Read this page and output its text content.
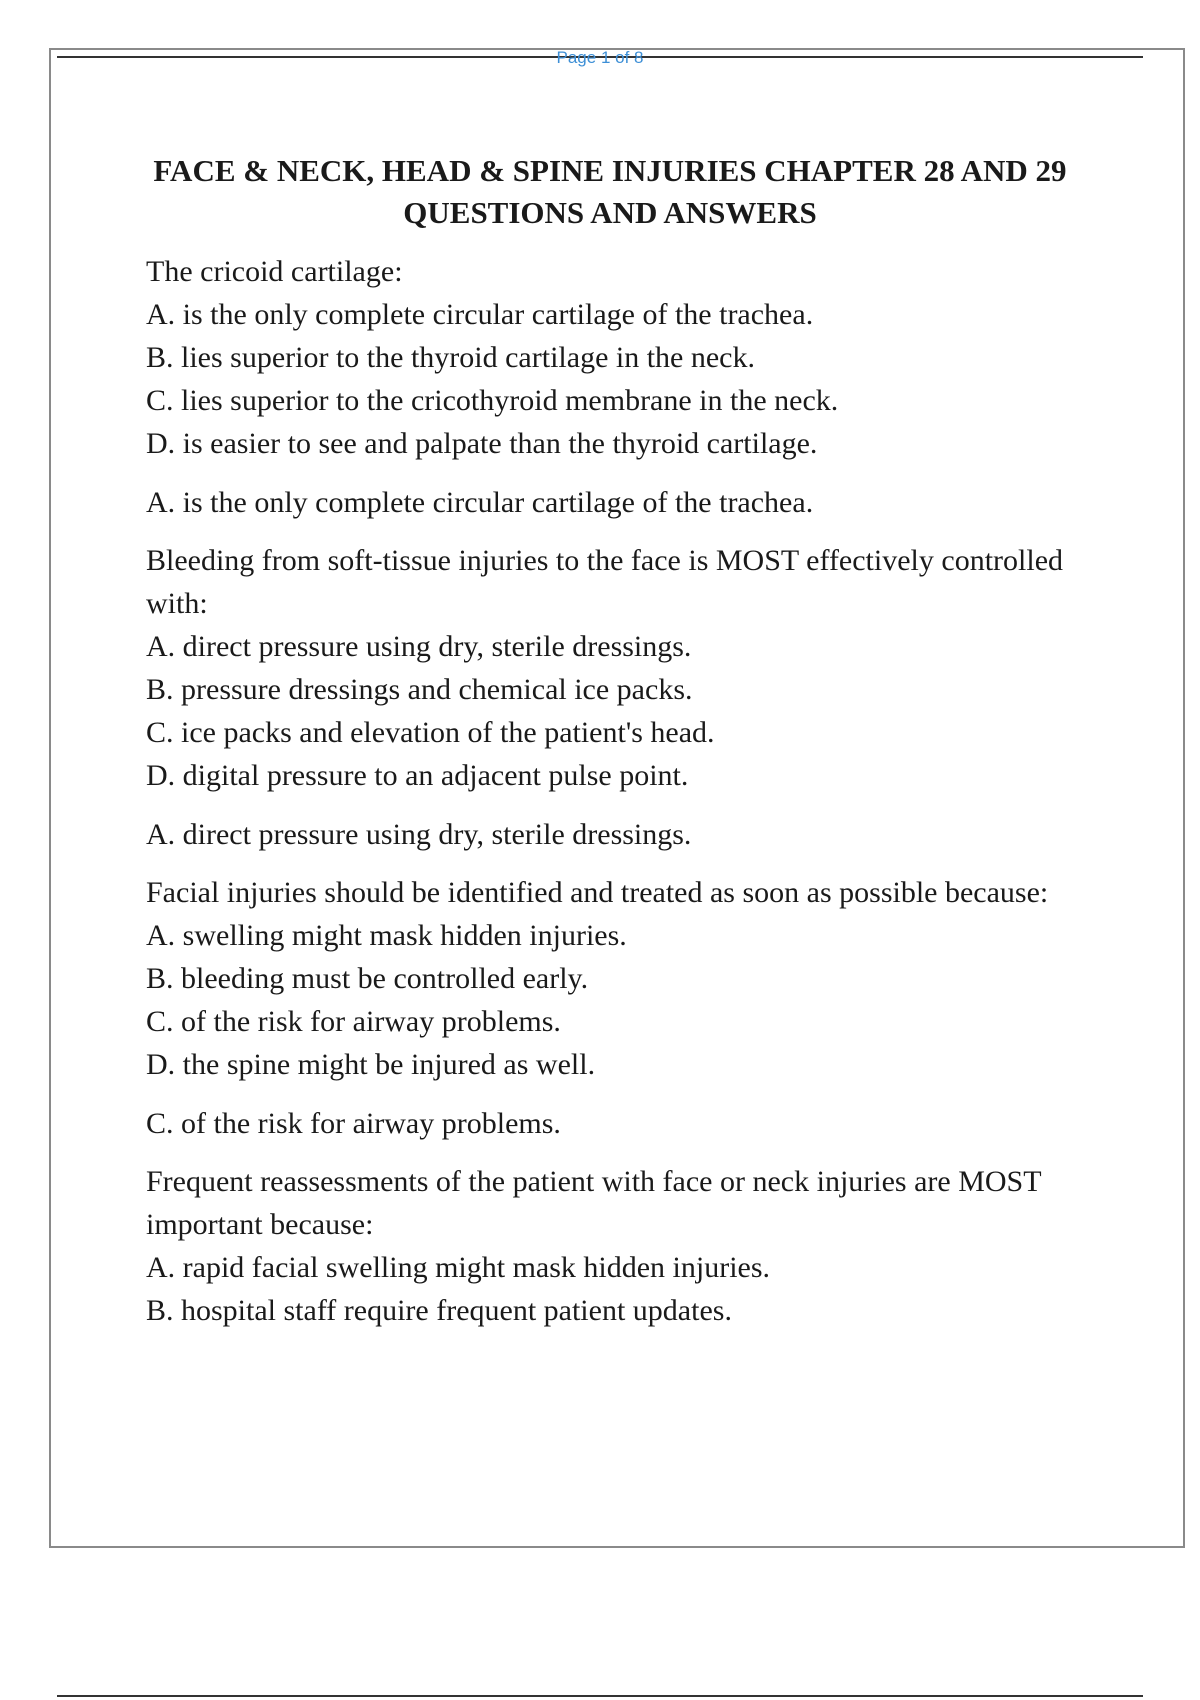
Page 1 of 8
FACE & NECK, HEAD & SPINE INJURIES CHAPTER 28 AND 29 QUESTIONS AND ANSWERS

The cricoid cartilage:

A. is the only complete circular cartilage of the trachea.

B. lies superior to the thyroid cartilage in the neck.

C. lies superior to the cricothyroid membrane in the neck.

D. is easier to see and palpate than the thyroid cartilage.

A. is the only complete circular cartilage of the trachea.

Bleeding from soft-tissue injuries to the face is MOST effectively controlled with:

A. direct pressure using dry, sterile dressings.

B. pressure dressings and chemical ice packs.

C. ice packs and elevation of the patient's head.

D. digital pressure to an adjacent pulse point.

A. direct pressure using dry, sterile dressings.

Facial injuries should be identified and treated as soon as possible because:

A. swelling might mask hidden injuries.

B. bleeding must be controlled early.

C. of the risk for airway problems.

D. the spine might be injured as well.

C. of the risk for airway problems.

Frequent reassessments of the patient with face or neck injuries are MOST important because:

A. rapid facial swelling might mask hidden injuries.

B. hospital staff require frequent patient updates.
